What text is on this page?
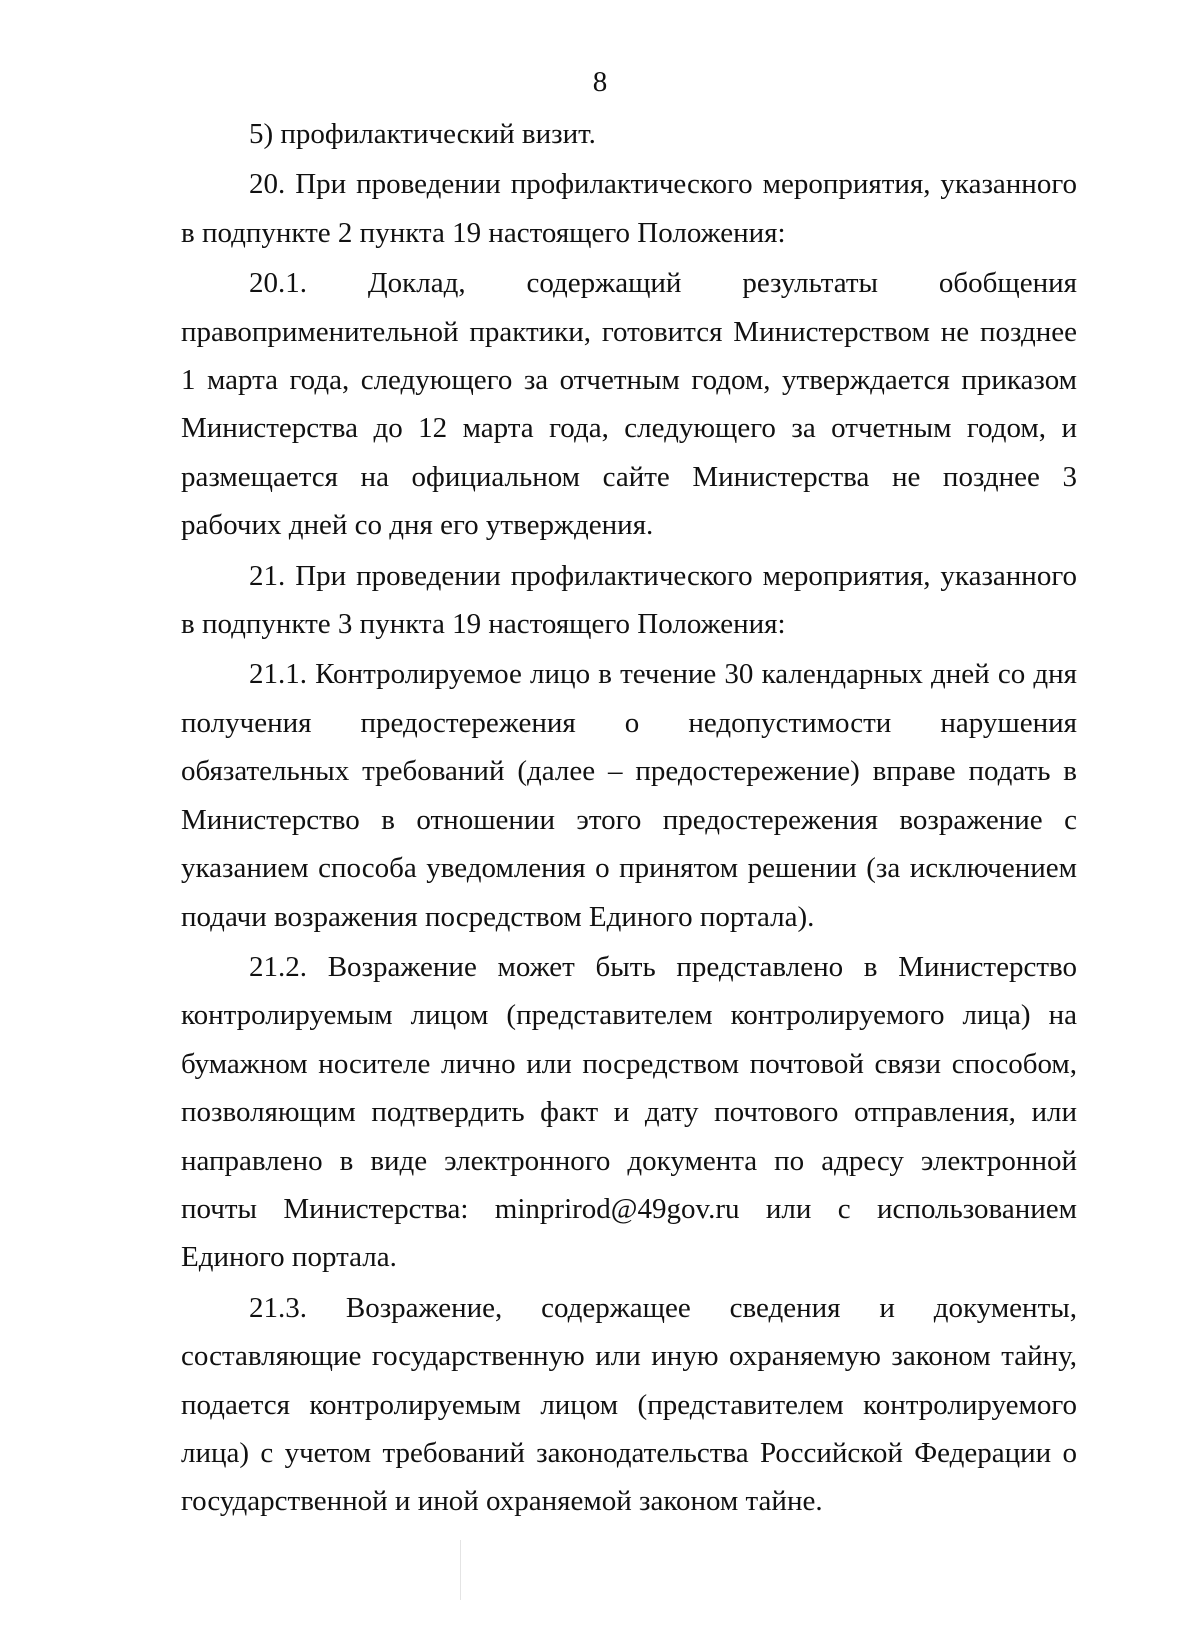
8

5) профилактический визит.

20. При проведении профилактического мероприятия, указанного в подпункте 2 пункта 19 настоящего Положения:

20.1. Доклад, содержащий результаты обобщения правоприменительной практики, готовится Министерством не позднее 1 марта года, следующего за отчетным годом, утверждается приказом Министерства до 12 марта года, следующего за отчетным годом, и размещается на официальном сайте Министерства не позднее 3 рабочих дней со дня его утверждения.

21. При проведении профилактического мероприятия, указанного в подпункте 3 пункта 19 настоящего Положения:

21.1. Контролируемое лицо в течение 30 календарных дней со дня получения предостережения о недопустимости нарушения обязательных требований (далее – предостережение) вправе подать в Министерство в отношении этого предостережения возражение с указанием способа уведомления о принятом решении (за исключением подачи возражения посредством Единого портала).

21.2. Возражение может быть представлено в Министерство контролируемым лицом (представителем контролируемого лица) на бумажном носителе лично или посредством почтовой связи способом, позволяющим подтвердить факт и дату почтового отправления, или направлено в виде электронного документа по адресу электронной почты Министерства: minprirod@49gov.ru или с использованием Единого портала.

21.3. Возражение, содержащее сведения и документы, составляющие государственную или иную охраняемую законом тайну, подается контролируемым лицом (представителем контролируемого лица) с учетом требований законодательства Российской Федерации о государственной и иной охраняемой законом тайне.
